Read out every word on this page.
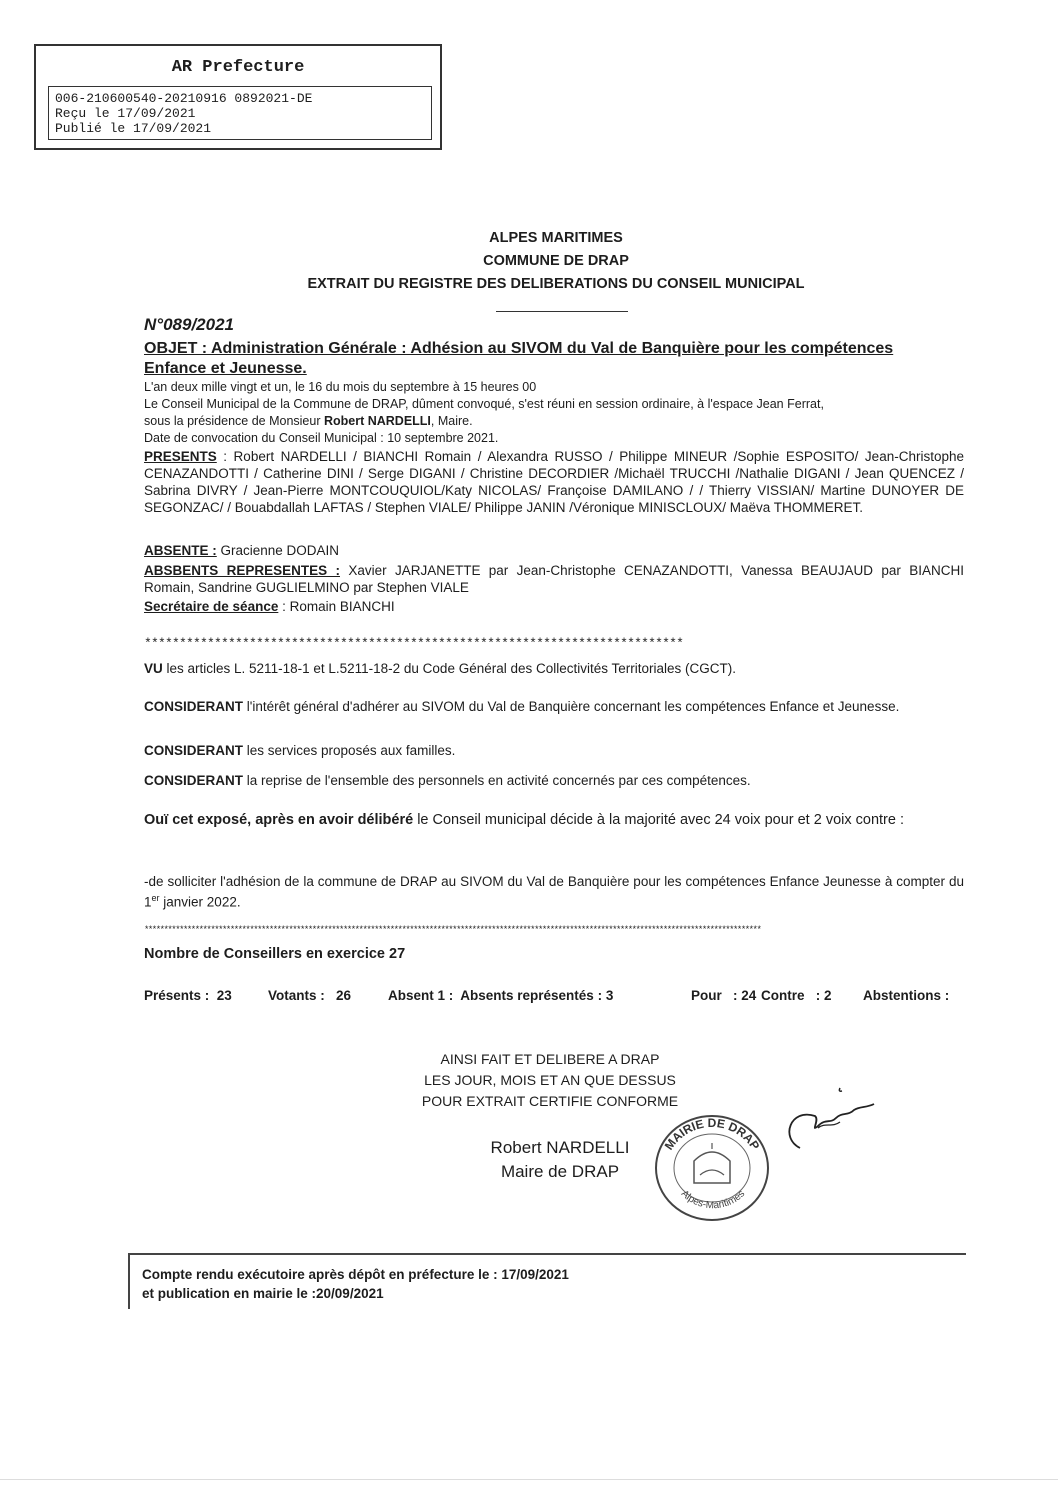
AR Prefecture
006-210600540-20210916 0892021-DE
Reçu le 17/09/2021
Publié le 17/09/2021
ALPES MARITIMES
COMMUNE DE DRAP
EXTRAIT DU REGISTRE DES DELIBERATIONS DU CONSEIL MUNICIPAL
N°089/2021
OBJET : Administration Générale : Adhésion au SIVOM du Val de Banquière pour les compétences Enfance et Jeunesse.
L'an deux mille vingt et un, le 16 du mois du septembre à 15 heures 00
Le Conseil Municipal de la Commune de DRAP, dûment convoqué, s'est réuni en session ordinaire, à l'espace Jean Ferrat,
sous la présidence de Monsieur Robert NARDELLI, Maire.
Date de convocation du Conseil Municipal : 10 septembre 2021.
PRESENTS : Robert NARDELLI / BIANCHI Romain / Alexandra RUSSO / Philippe MINEUR /Sophie ESPOSITO/ Jean-Christophe CENAZANDOTTI / Catherine DINI / Serge DIGANI / Christine DECORDIER /Michaël TRUCCHI /Nathalie DIGANI / Jean QUENCEZ / Sabrina DIVRY / Jean-Pierre MONTCOUQUIOL/Katy NICOLAS/ Françoise DAMILANO / / Thierry VISSIAN/ Martine DUNOYER DE SEGONZAC/ / Bouabdallah LAFTAS / Stephen VIALE/ Philippe JANIN /Véronique MINISCLOUX/ Maëva THOMMERET.
ABSENTE : Gracienne DODAIN
ABSBENTS REPRESENTES : Xavier JARJANETTE par Jean-Christophe CENAZANDOTTI, Vanessa BEAUJAUD par BIANCHI Romain, Sandrine GUGLIELMINO par Stephen VIALE
Secrétaire de séance : Romain BIANCHI
*****************************************************************************
VU les articles L. 5211-18-1 et L.5211-18-2 du Code Général des Collectivités Territoriales (CGCT).
CONSIDERANT l'intérêt général d'adhérer au SIVOM du Val de Banquière concernant les compétences Enfance et Jeunesse.
CONSIDERANT les services proposés aux familles.
CONSIDERANT la reprise de l'ensemble des personnels en activité concernés par ces compétences.
Ouï cet exposé, après en avoir délibéré le Conseil municipal décide à la majorité avec 24 voix pour et 2 voix contre :
-de solliciter l'adhésion de la commune de DRAP au SIVOM du Val de Banquière pour les compétences Enfance Jeunesse à compter du 1er janvier 2022.
**************************************************************************************************************************************************************
Nombre de Conseillers en exercice 27
Présents :  23	Votants :   26	Absent 1 :  Absents représentés : 3	Pour   : 24 Contre   : 2	Abstentions :
AINSI FAIT ET DELIBERE A DRAP
LES JOUR, MOIS ET AN QUE DESSUS
POUR EXTRAIT CERTIFIE CONFORME
Robert NARDELLI
Maire de DRAP
MAIRIE DE DRAP
Alpes-Maritimes
Compte rendu exécutoire après dépôt en préfecture le : 17/09/2021
et publication en mairie le :20/09/2021
